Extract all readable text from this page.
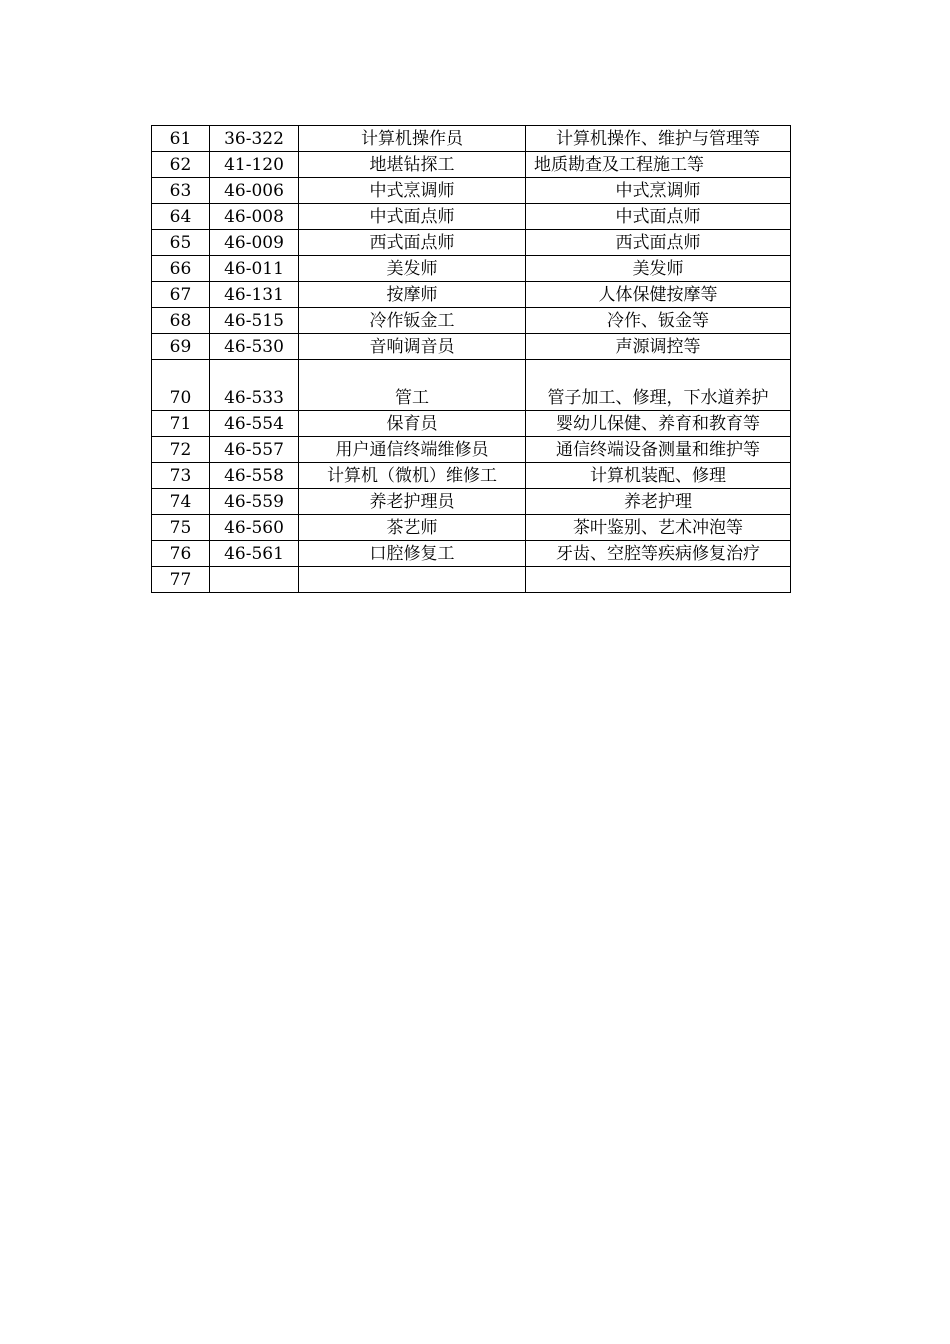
61	36-322	计算机操作员	计算机操作、维护与管理等
62	41-120	地堪钻探工	地质勘查及工程施工等
63	46-006	中式烹调师	中式烹调师
64	46-008	中式面点师	中式面点师
65	46-009	西式面点师	西式面点师
66	46-011	美发师	美发师
67	46-131	按摩师	人体保健按摩等
68	46-515	冷作钣金工	冷作、钣金等
69	46-530	音响调音员	声源调控等
70	46-533	管工	管子加工、修理，下水道养护
71	46-554	保育员	婴幼儿保健、养育和教育等
72	46-557	用户通信终端维修员	通信终端设备测量和维护等
73	46-558	计算机（微机）维修工	计算机装配、修理
74	46-559	养老护理员	养老护理
75	46-560	茶艺师	茶叶鉴别、艺术冲泡等
76	46-561	口腔修复工	牙齿、空腔等疾病修复治疗
77			
